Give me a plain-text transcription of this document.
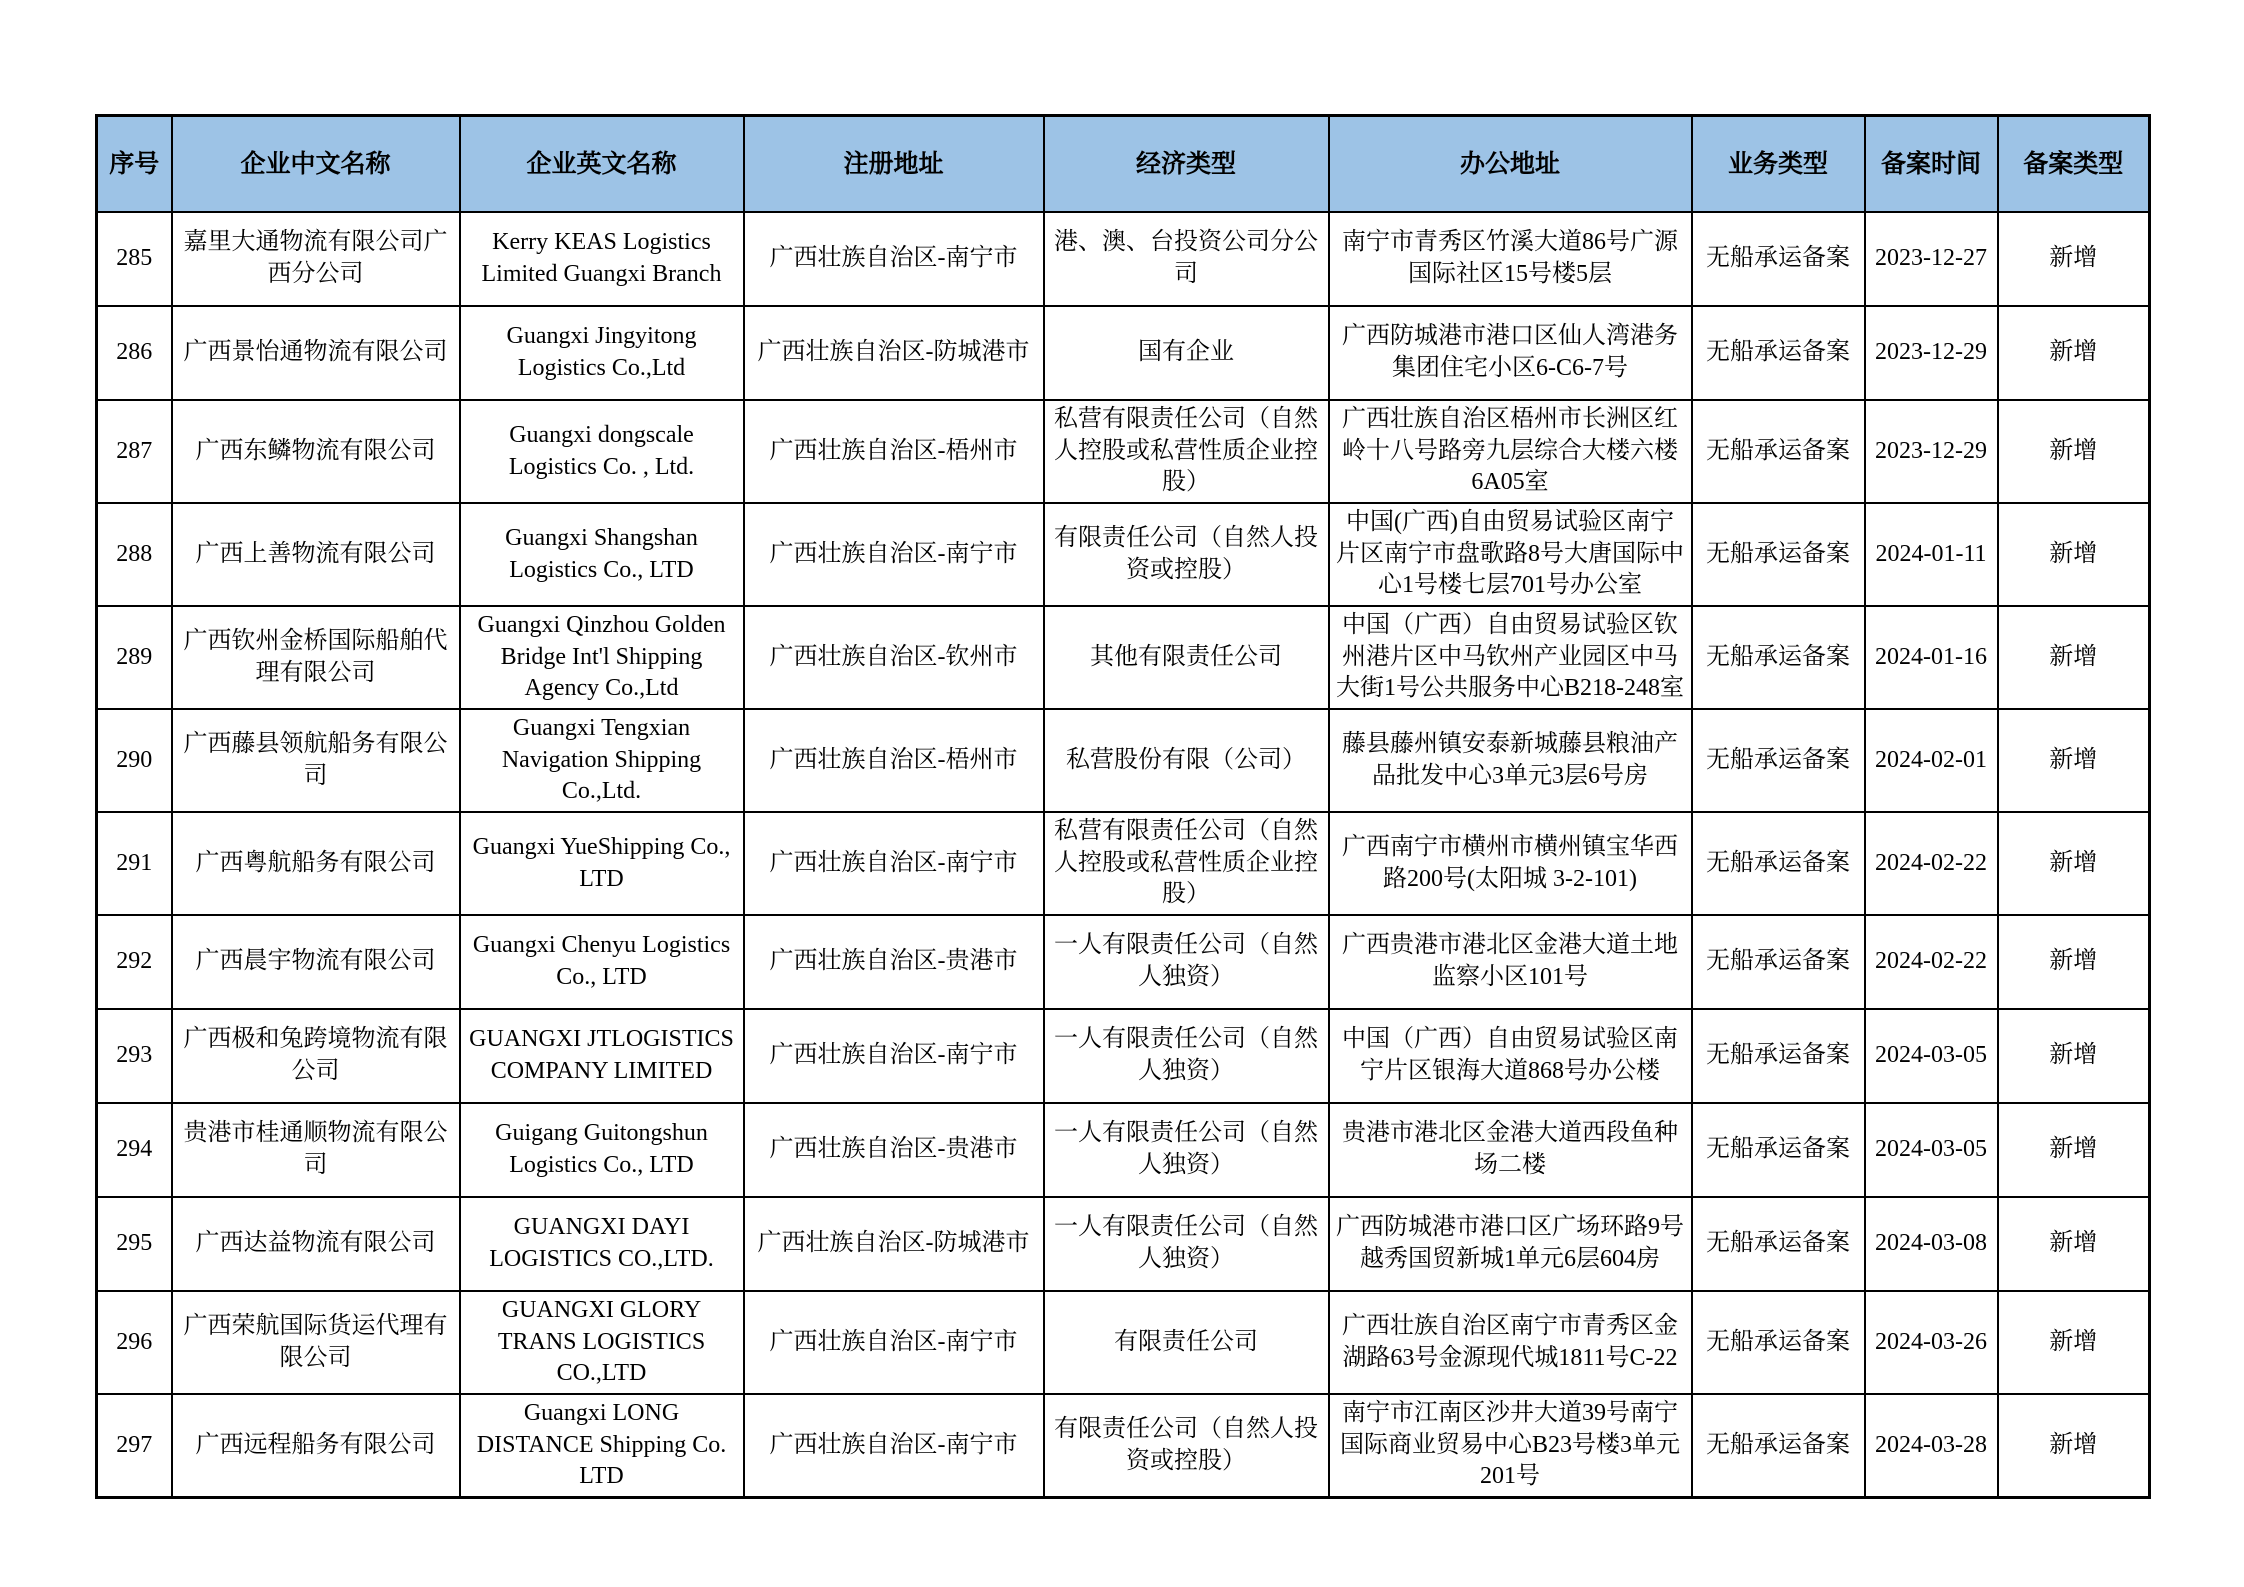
序号	企业中文名称	企业英文名称	注册地址	经济类型	办公地址	业务类型	备案时间	备案类型
285	嘉里大通物流有限公司广西分公司	Kerry KEAS Logistics Limited Guangxi Branch	广西壮族自治区-南宁市	港、澳、台投资公司分公司	南宁市青秀区竹溪大道86号广源国际社区15号楼5层	无船承运备案	2023-12-27	新增
286	广西景怡通物流有限公司	Guangxi Jingyitong Logistics Co.,Ltd	广西壮族自治区-防城港市	国有企业	广西防城港市港口区仙人湾港务集团住宅小区6-C6-7号	无船承运备案	2023-12-29	新增
287	广西东鳞物流有限公司	Guangxi dongscale Logistics Co. , Ltd.	广西壮族自治区-梧州市	私营有限责任公司（自然人控股或私营性质企业控股）	广西壮族自治区梧州市长洲区红岭十八号路旁九层综合大楼六楼6A05室	无船承运备案	2023-12-29	新增
288	广西上善物流有限公司	Guangxi Shangshan Logistics Co., LTD	广西壮族自治区-南宁市	有限责任公司（自然人投资或控股）	中国(广西)自由贸易试验区南宁片区南宁市盘歌路8号大唐国际中心1号楼七层701号办公室	无船承运备案	2024-01-11	新增
289	广西钦州金桥国际船舶代理有限公司	Guangxi Qinzhou Golden Bridge Int'l Shipping Agency Co.,Ltd	广西壮族自治区-钦州市	其他有限责任公司	中国（广西）自由贸易试验区钦州港片区中马钦州产业园区中马大街1号公共服务中心B218-248室	无船承运备案	2024-01-16	新增
290	广西藤县领航船务有限公司	Guangxi Tengxian Navigation Shipping Co.,Ltd.	广西壮族自治区-梧州市	私营股份有限（公司）	藤县藤州镇安泰新城藤县粮油产品批发中心3单元3层6号房	无船承运备案	2024-02-01	新增
291	广西粤航船务有限公司	Guangxi YueShipping Co., LTD	广西壮族自治区-南宁市	私营有限责任公司（自然人控股或私营性质企业控股）	广西南宁市横州市横州镇宝华西路200号(太阳城 3-2-101)	无船承运备案	2024-02-22	新增
292	广西晨宇物流有限公司	Guangxi Chenyu Logistics Co., LTD	广西壮族自治区-贵港市	一人有限责任公司（自然人独资）	广西贵港市港北区金港大道土地监察小区101号	无船承运备案	2024-02-22	新增
293	广西极和兔跨境物流有限公司	GUANGXI JTLOGISTICS COMPANY LIMITED	广西壮族自治区-南宁市	一人有限责任公司（自然人独资）	中国（广西）自由贸易试验区南宁片区银海大道868号办公楼	无船承运备案	2024-03-05	新增
294	贵港市桂通顺物流有限公司	Guigang Guitongshun Logistics Co., LTD	广西壮族自治区-贵港市	一人有限责任公司（自然人独资）	贵港市港北区金港大道西段鱼种场二楼	无船承运备案	2024-03-05	新增
295	广西达益物流有限公司	GUANGXI DAYI LOGISTICS CO.,LTD.	广西壮族自治区-防城港市	一人有限责任公司（自然人独资）	广西防城港市港口区广场环路9号越秀国贸新城1单元6层604房	无船承运备案	2024-03-08	新增
296	广西荣航国际货运代理有限公司	GUANGXI GLORY TRANS LOGISTICS CO.,LTD	广西壮族自治区-南宁市	有限责任公司	广西壮族自治区南宁市青秀区金湖路63号金源现代城1811号C-22	无船承运备案	2024-03-26	新增
297	广西远程船务有限公司	Guangxi LONG DISTANCE Shipping Co. LTD	广西壮族自治区-南宁市	有限责任公司（自然人投资或控股）	南宁市江南区沙井大道39号南宁国际商业贸易中心B23号楼3单元201号	无船承运备案	2024-03-28	新增
